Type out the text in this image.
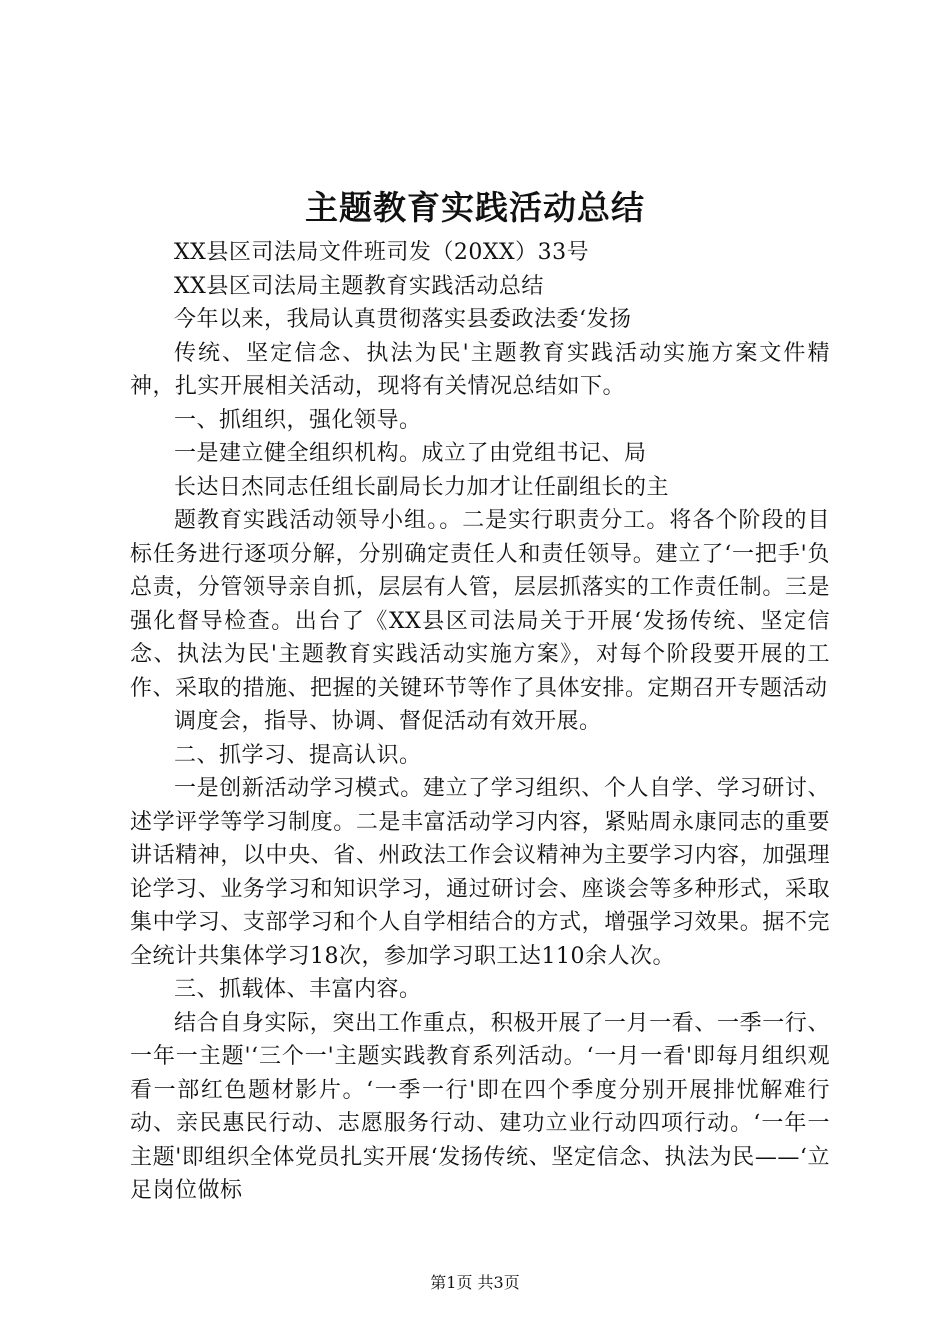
主题教育实践活动总结

XX县区司法局文件班司发（20XX）33号

XX县区司法局主题教育实践活动总结

今年以来，我局认真贯彻落实县委政法委‘发扬

传统、坚定信念、执法为民'主题教育实践活动实施方案文件精神，扎实开展相关活动，现将有关情况总结如下。

一、抓组织，强化领导。

一是建立健全组织机构。成立了由党组书记、局

长达日杰同志任组长副局长力加才让任副组长的主

题教育实践活动领导小组。。二是实行职责分工。将各个阶段的目标任务进行逐项分解，分别确定责任人和责任领导。建立了‘一把手'负总责，分管领导亲自抓，层层有人管，层层抓落实的工作责任制。三是强化督导检查。出台了《XX县区司法局关于开展‘发扬传统、坚定信念、执法为民'主题教育实践活动实施方案》，对每个阶段要开展的工作、采取的措施、把握的关键环节等作了具体安排。定期召开专题活动

调度会，指导、协调、督促活动有效开展。

二、抓学习、提高认识。

一是创新活动学习模式。建立了学习组织、个人自学、学习研讨、述学评学等学习制度。二是丰富活动学习内容，紧贴周永康同志的重要讲话精神，以中央、省、州政法工作会议精神为主要学习内容，加强理论学习、业务学习和知识学习，通过研讨会、座谈会等多种形式，采取集中学习、支部学习和个人自学相结合的方式，增强学习效果。据不完全统计共集体学习18次，参加学习职工达110余人次。

三、抓载体、丰富内容。

结合自身实际，突出工作重点，积极开展了一月一看、一季一行、一年一主题'‘三个一'主题实践教育系列活动。‘一月一看'即每月组织观看一部红色题材影片。‘一季一行'即在四个季度分别开展排忧解难行动、亲民惠民行动、志愿服务行动、建功立业行动四项行动。‘一年一主题'即组织全体党员扎实开展‘发扬传统、坚定信念、执法为民——‘立足岗位做标

第1页 共3页
